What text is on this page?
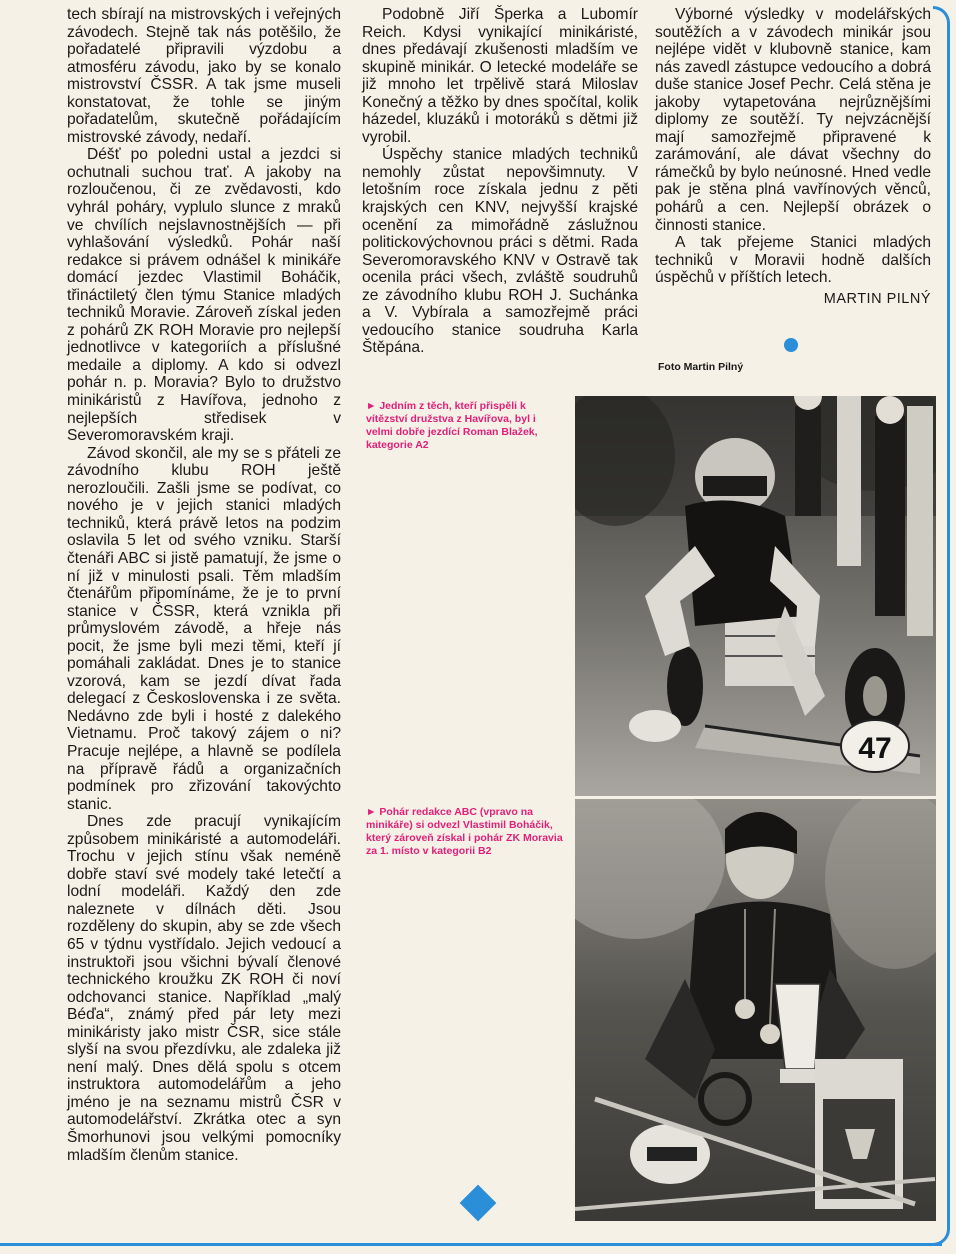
tech sbírají na mistrovských i veřejných závodech. Stejně tak nás potěšilo, že pořadatelé připravili výzdobu a atmosféru závodu, jako by se konalo mistrovství ČSSR. A tak jsme museli konstatovat, že tohle se jiným pořadatelům, skutečně pořádajícím mistrovské závody, nedaří.

Déšť po poledni ustal a jezdci si ochutnali suchou trať. A jakoby na rozloučenou, či ze zvědavosti, kdo vyhrál poháry, vyplulo slunce z mraků ve chvílích nejslavnostnějších — při vyhlašování výsledků. Pohár naší redakce si právem odnášel k minikáře domácí jezdec Vlastimil Boháčik, třináctiletý člen týmu Stanice mladých techniků Moravie. Zároveň získal jeden z pohárů ZK ROH Moravie pro nejlepší jednotlivce v kategoriích a příslušné medaile a diplomy. A kdo si odvezl pohár n. p. Moravia? Bylo to družstvo minikáristů z Havířova, jednoho z nejlepších středisek v Severomoravském kraji.

Závod skončil, ale my se s přáteli ze závodního klubu ROH ještě nerozloučili. Zašli jsme se podívat, co nového je v jejich stanici mladých techniků, která právě letos na podzim oslavila 5 let od svého vzniku. Starší čtenáři ABC si jistě pamatují, že jsme o ní již v minulosti psali. Těm mladším čtenářům připomínáme, že je to první stanice v ČSSR, která vznikla při průmyslovém závodě, a hřeje nás pocit, že jsme byli mezi těmi, kteří jí pomáhali zakládat. Dnes je to stanice vzorová, kam se jezdí dívat řada delegací z Československa i ze světa. Nedávno zde byli i hosté z dalekého Vietnamu. Proč takový zájem o ni? Pracuje nejlépe, a hlavně se podílela na přípravě řádů a organizačních podmínek pro zřizování takovýchto stanic.

Dnes zde pracují vynikajícím způsobem minikáristé a automodeláři. Trochu v jejich stínu však neméně dobře staví své modely také letečtí a lodní modeláři. Každý den zde naleznete v dílnách děti. Jsou rozděleny do skupin, aby se zde všech 65 v týdnu vystřídalo. Jejich vedoucí a instruktoři jsou všichni bývalí členové technického kroužku ZK ROH či noví odchovanci stanice. Například „malý Béďa“, známý před pár lety mezi minikáristy jako mistr ČSR, sice stále slyší na svou přezdívku, ale zdaleka již není malý. Dnes dělá spolu s otcem instruktora automodelářům a jeho jméno je na seznamu mistrů ČSR v automodelářství. Zkrátka otec a syn Šmorhunovi jsou velkými pomocníky mladším členům stanice.

Podobně Jiří Šperka a Lubomír Reich. Kdysi vynikající minikáristé, dnes předávají zkušenosti mladším ve skupině minikár. O letecké modeláře se již mnoho let trpělivě stará Miloslav Konečný a těžko by dnes spočítal, kolik házedel, kluzáků i motoráků s dětmi již vyrobil.

Úspěchy stanice mladých techniků nemohly zůstat nepovšimnuty. V letošním roce získala jednu z pěti krajských cen KNV, nejvyšší krajské ocenění za mimořádně záslužnou politickovýchovnou práci s dětmi. Rada Severomoravského KNV v Ostravě tak ocenila práci všech, zvláště soudruhů ze závodního klubu ROH J. Suchánka a V. Vybírala a samozřejmě práci vedoucího stanice soudruha Karla Štěpána.

Výborné výsledky v modelářských soutěžích a v závodech minikár jsou nejlépe vidět v klubovně stanice, kam nás zavedl zástupce vedoucího a dobrá duše stanice Josef Pechr. Celá stěna je jakoby vytapetována nejrůznějšími diplomy ze soutěží. Ty nejvzácnější mají samozřejmě připravené k zarámování, ale dávat všechny do rámečků by bylo neúnosné. Hned vedle pak je stěna plná vavřínových věnců, pohárů a cen. Nejlepší obrázek o činnosti stanice.

A tak přejeme Stanici mladých techniků v Moravii hodně dalších úspěchů v příštích letech.

MARTIN PILNÝ
Foto Martin Pilný
► Jedním z těch, kteří přispěli k vítězství družstva z Havířova, byl i velmi dobře jezdící Roman Blažek, kategorie A2
► Pohár redakce ABC (vpravo na minikáře) si odvezl Vlastimil Boháčik, který zároveň získal i pohár ZK Moravia za 1. místo v kategorii B2
47
